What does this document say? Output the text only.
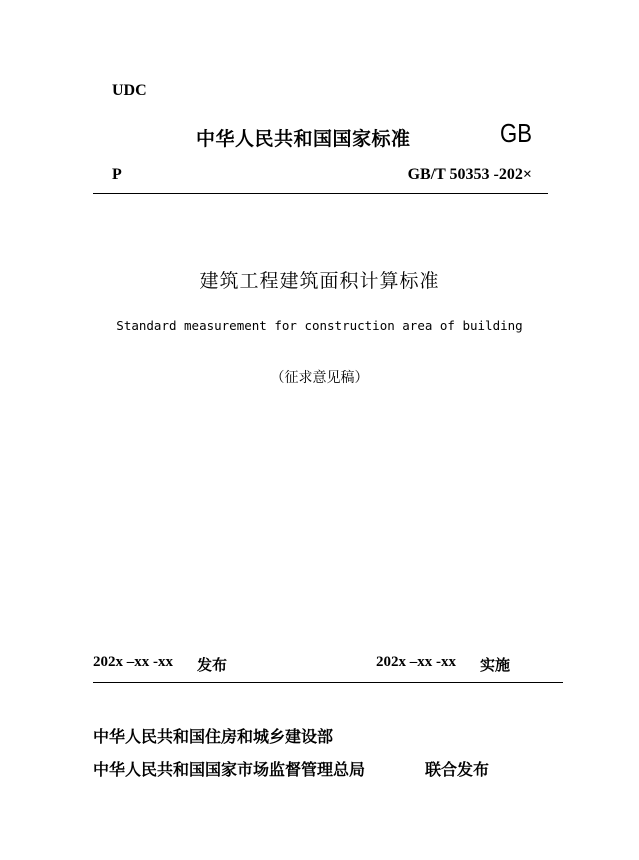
UDC
中华人民共和国国家标准	GB
P	GB/T 50353 -202×
建筑工程建筑面积计算标准
Standard measurement for construction area of building
（征求意见稿）
202x –xx -xx 发布	202x –xx -xx 实施
中华人民共和国住房和城乡建设部
中华人民共和国国家市场监督管理总局	联合发布
